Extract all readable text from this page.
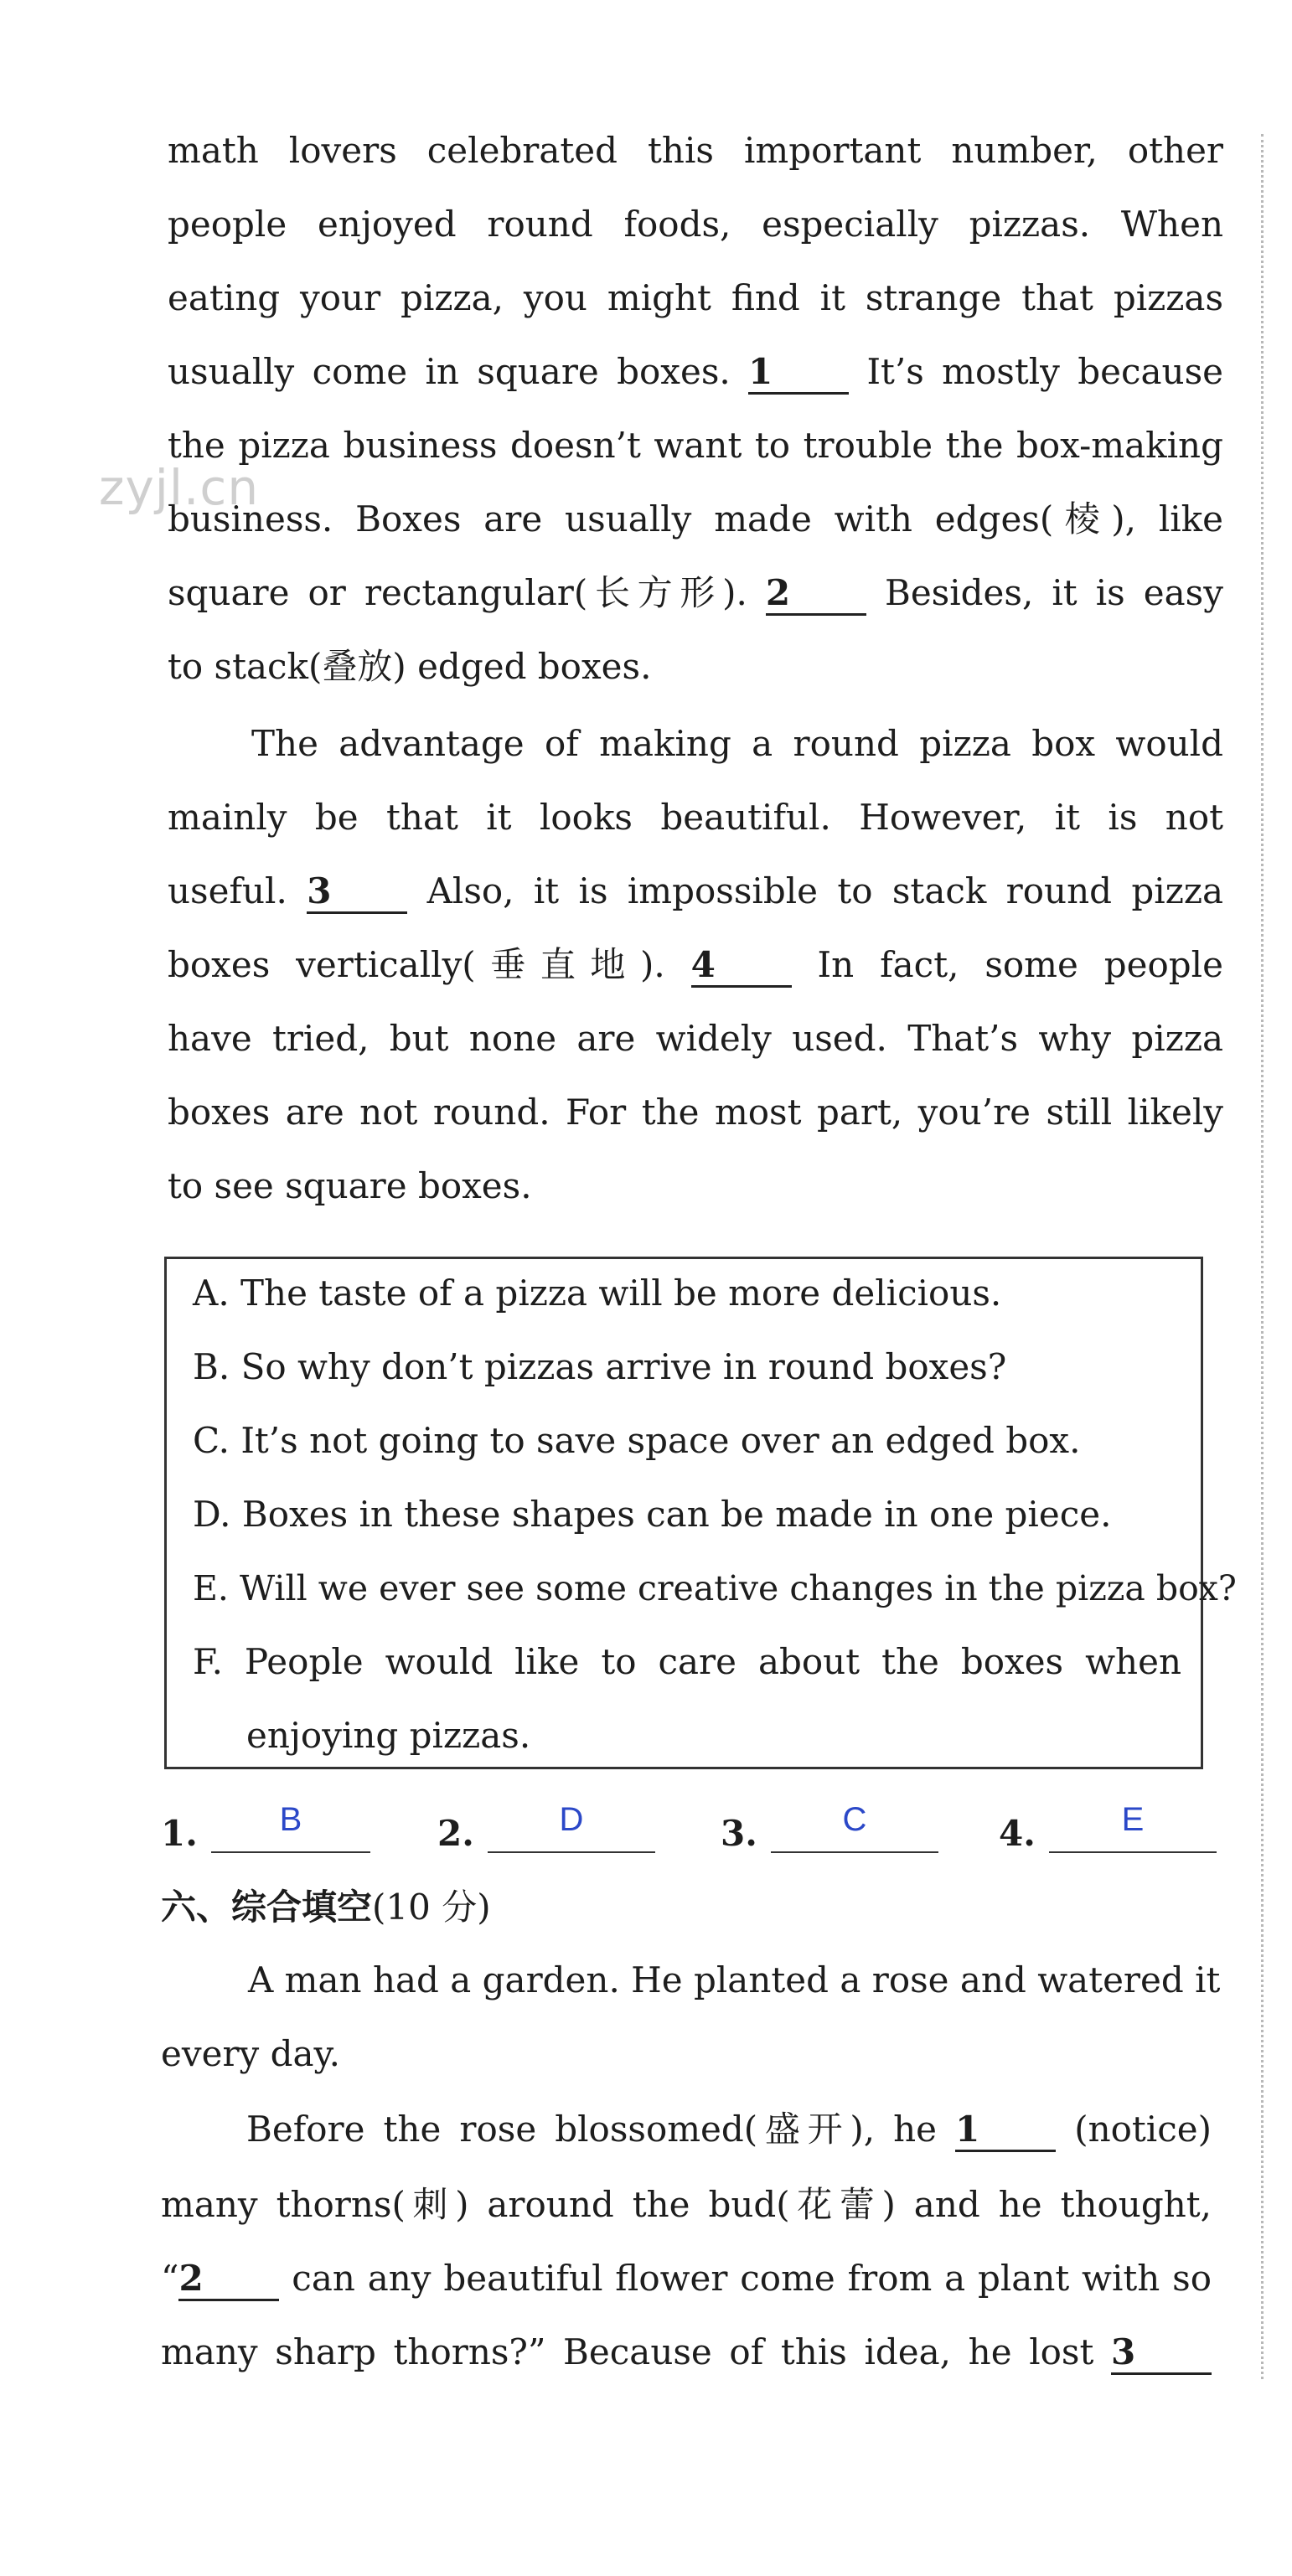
zyjl.cn
math lovers celebrated this important number, other
people enjoyed round foods, especially pizzas. When
eating your pizza, you might find it strange that pizzas
usually come in square boxes. 1	It’s mostly because
the pizza business doesn’t want to trouble the box-making
business. Boxes are usually made with edges(棱), like
square or rectangular(长方形). 2	Besides, it is easy
to stack(叠放) edged boxes.
The advantage of making a round pizza box would
mainly be that it looks beautiful. However, it is not
useful. 3	Also, it is impossible to stack round pizza
boxes vertically(垂直地). 4	In fact, some people
have tried, but none are widely used. That’s why pizza
boxes are not round. For the most part, you’re still likely
to see square boxes.
A. The taste of a pizza will be more delicious.
B. So why don’t pizzas arrive in round boxes?
C. It’s not going to save space over an edged box.
D. Boxes in these shapes can be made in one piece.
E. Will we ever see some creative changes in the pizza box?
F. People would like to care about the boxes when
enjoying pizzas.
1.	B	2.	D	3.	C	4.	E
六、综合填空(10 分)
A man had a garden. He planted a rose and watered it
every day.
Before the rose blossomed(盛开), he 1	(notice)
many thorns(刺) around the bud(花蕾) and he thought,
“2	can any beautiful flower come from a plant with so
many sharp thorns?” Because of this idea, he lost 3
